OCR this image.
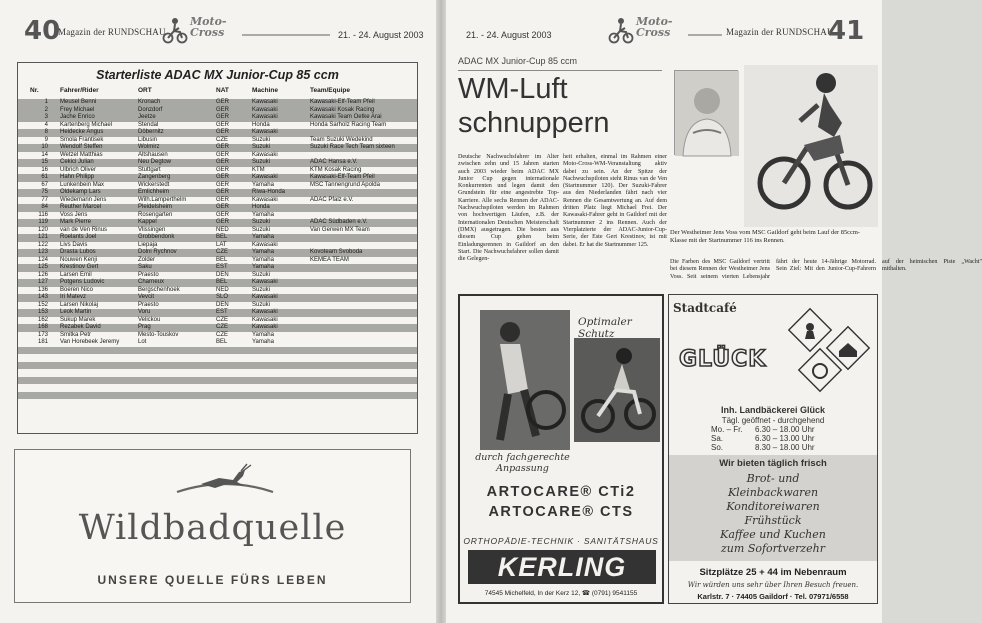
40
Magazin der RUNDSCHAU
Moto-
Cross	21. - 24. August 2003
Starterliste ADAC MX Junior-Cup 85 ccm
Nr.	Fahrer/Rider	ORT	NAT	Machine	Team/Equipe
1 Meusel Benni	Kronach	GER	Kawasaki	Kawasaki-Elf-Team Pfeil
2 Frey Michael	Donzdorf	GER	Kawasaki	Kawasaki Kosak Racing
3 Jache Enrico	Jeetze	GER	Kawasaki	Kawasaki Team Oetke Arai
4 Kartenberg Michael	Stendal	GER	Honda	Honda Sarholz Racing Team
8 Heidecke Angus	Döbernitz	GER	Kawasaki
9 Smola Frantisek	Libusin	CZE	Suzuki	Team Suzuki Wedekind
10 Wendolf Steffen	Wolmirz	GER	Suzuki	Suzuki Race Tech Team sixteen
14 Wetzel Matthias	Altshausen	GER	Kawasaki
15 Cekici Julian	Neu Degtow	GER	Suzuki	ADAC Hansa e.V.
16 Ulbrich Oliver	Stuttgart	GER	KTM	KTM Kosak Racing
61 Hahn Philipp	Zangenberg	GER	Kawasaki	Kawasaki-Elf-Team Pfeil
67 Lunkenbein Max	Wickerstedt	GER	Yamaha	MSC Tannengrund Apolda
75 Oldekamp Lars	Emlichheim	GER	Riwa-Honda
77 Wiedemann Jens	Wilh.Lamperthelm	GER	Kawasaki	ADAC Pfalz e.V.
84 Reuther Marcel	Pleidelsheim	GER	Honda
116 Voss Jens	Rosengarten	GER	Yamaha
119 Mark Pierre	Kappel	GER	Suzuki	ADAC Südbaden e.V.
120 van de Ven Rinus	Vlissingen	NED	Suzuki	Van Gerwen MX Team
121 Roelants Joel	Grobbendonk	BEL	Yamaha
122 Livs Davis	Liepaja	LAT	Kawasaki
123 Drasta Lubos	Dolni Rychnov	CZE	Yamaha	Kovoteam Svoboda
124 Nouwen Kenji	Zolder	BEL	Yamaha	KEMEA TEAM
125 Krestinov Gert	Saku	EST	Yamaha
126 Larsen Emil	Praesto	DEN	Suzuki
127 Potgens Ludovic	Charneux	BEL	Kawasaki
136 Boeren Nico	Bergschenhoek	NED	Suzuki
143 Iri Matevz	Vevcit	SLO	Kawasaki
152 Larsen Nikolaj	Praesto	DEN	Suzuki
153 Leok Martin	Voru	EST	Kawasaki
162 Sukup Marek	Velickou	CZE	Kawasaki
168 Rezabek David	Prag	CZE	Kawasaki
173 Smitka Petr	Mesto-Touskov	CZE	Yamaha
181 Van Horebeek Jeremy	Lot	BEL	Yamaha
Wildbadquelle
UNSERE QUELLE FÜRS LEBEN
21. - 24. August 2003
Moto-
Cross	Magazin der RUNDSCHAU
41
ADAC MX Junior-Cup 85 ccm
WM-Luft schnuppern
Deutsche Nachwuchsfahrer im Alter zwischen zehn und 15 Jahren starten auch 2003 wieder beim ADAC MX Junior Cup gegen internationale Konkurrenten und legen damit den Grundstein für eine angestrebte Top-Karriere. Alle sechs Rennen der ADAC-Nachwuchspiloten werden im Rahmen von hochwertigen Läufen, z.B. der Internationalen Deutschen Meisterschaft (DMX) ausgetragen. Die besten aus diesem Cup gehen beim Einladungsrennen in Gaildorf an den Start. Die Nachwuchsfahrer sollen damit die Gelegen-
heit erhalten, einmal im Rahmen einer Moto-Cross-WM-Veranstaltung aktiv dabei zu sein. An der Spitze der Nachwuchspiloten steht Rinus van de Ven (Startnummer 120). Der Suzuki-Fahrer aus den Niederlanden fährt nach vier Rennen die Gesamtwertung an. Auf dem dritten Platz liegt Michael Frei. Der Kawasaki-Fahrer geht in Gaildorf mit der Startnummer 2 ins Rennen. Auch der Vierplatzierte der ADAC-Junior-Cup-Serie, der Este Gert Krestinov, ist mit dabei. Er hat die Startnummer 125.
Der Westheimer Jens Voss vom MSC Gaildorf geht beim Lauf der 85ccm-Klasse mit der Startnummer 116 ins Rennen.
Die Farben des MSC Gaildorf vertritt bei diesem Rennen der Westheimer Jens Voss. Seit seinem vierten Lebensjahr fährt der heute 14-Jährige Motorrad. Sein Ziel: Mit den Junior-Cup-Fahrern auf der heimischen Piste „Wacht" mithalten.
Optimaler Schutz
durch fachgerechte
Anpassung
ARTOCARE® CTi2
ARTOCARE® CTS
ORTHOPÄDIE-TECHNIK · SANITÄTSHAUS
KERLING
74545 Michelfeld, In der Kerz 12, ☎ (0791) 9541155
Stadtcafé
GLÜCK
Inh. Landbäckerei Glück
Tägl. geöffnet - durchgehend
Mo. – Fr. 6.30 – 18.00 Uhr
Sa.	6.30 – 13.00 Uhr
So.	8.30 – 18.00 Uhr
Wir bieten täglich frisch
Brot- und
Kleinbackwaren
Konditoreiwaren
Frühstück
Kaffee und Kuchen
zum Sofortverzehr
Sitzplätze 25 + 44 im Nebenraum
Wir würden uns sehr über Ihren Besuch freuen.
Karlstr. 7 · 74405 Gaildorf · Tel. 07971/6558
